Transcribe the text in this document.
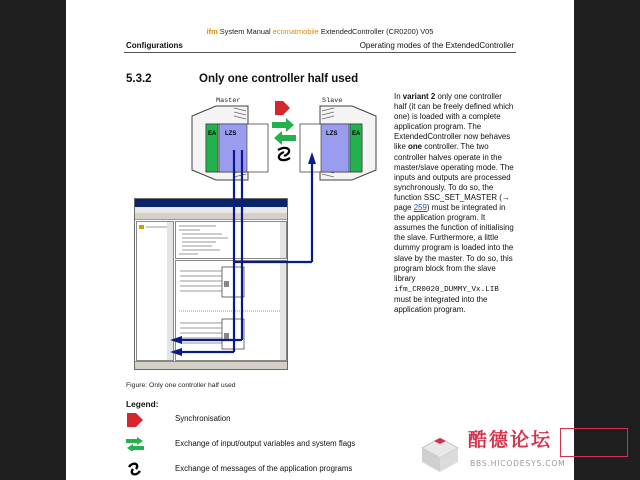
ifm System Manual ecomatmobile ExtendedController (CR0200) V05
Configurations	Operating modes of the ExtendedController
5.3.2	Only one controller half used
Master	Slave
EA LZS	LZS EA
In variant 2 only one controller half (it can be freely defined which one) is loaded with a complete application program. The ExtendedController now behaves like one controller. The two controller halves operate in the master/slave operating mode. The inputs and outputs are processed synchronously. To do so, the function SSC_SET_MASTER (→ page 259) must be integrated in the application program. It assumes the function of initialising the slave. Furthermore, a little dummy program is loaded into the slave by the master. To do so, this program block from the slave library ifm_CR0020_DUMMY_Vx.LIB must be integrated into the application program.
Figure: Only one controller half used
Legend:
Synchronisation
Exchange of input/output variables and system flags
Exchange of messages of the application programs
酷德论坛
BBS.HICODESYS.COM
